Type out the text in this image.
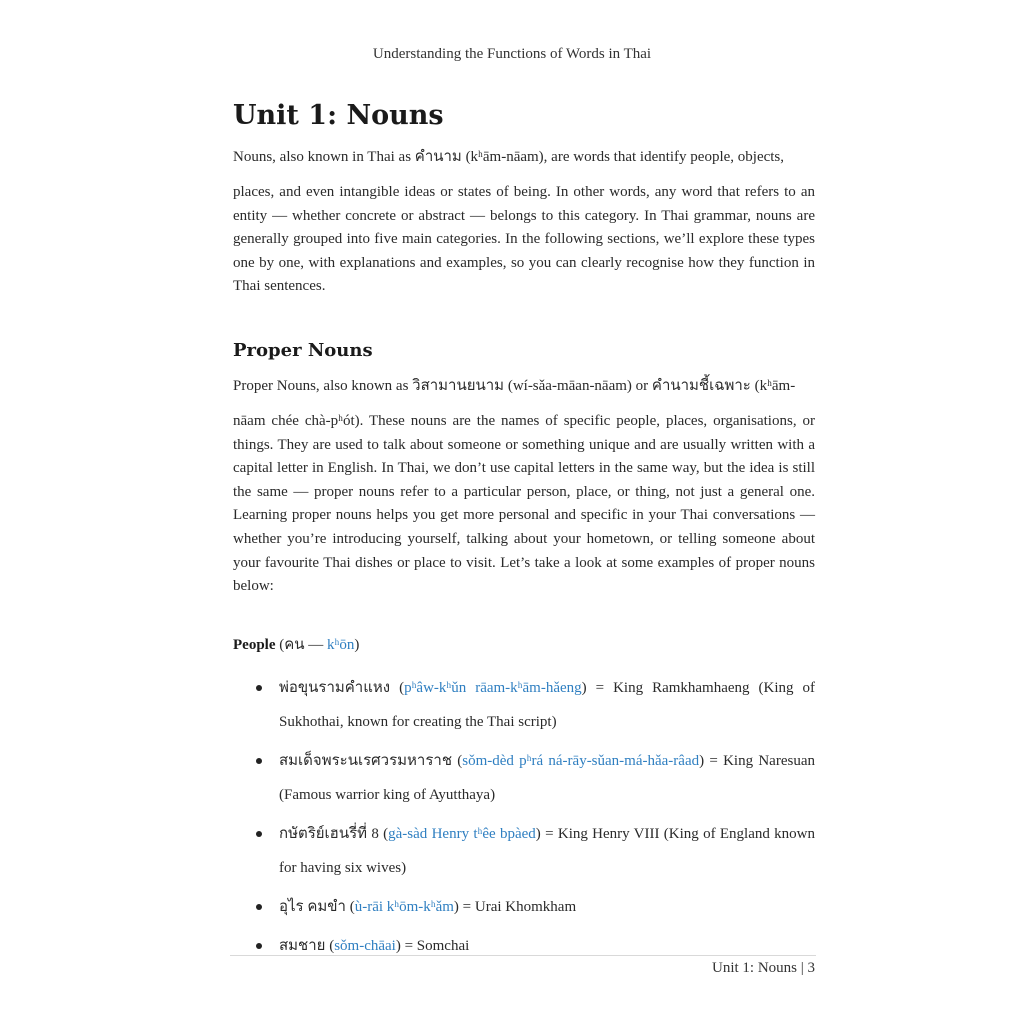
Understanding the Functions of Words in Thai
Unit 1: Nouns

Nouns, also known in Thai as คำนาม (kʰām-nāam), are words that identify people, objects,
places, and even intangible ideas or states of being. In other words, any word that refers to an entity — whether concrete or abstract — belongs to this category. In Thai grammar, nouns are generally grouped into five main categories. In the following sections, we’ll explore these types one by one, with explanations and examples, so you can clearly recognise how they function in Thai sentences.

Proper Nouns

Proper Nouns, also known as วิสามานยนาม (wí-sǎa-māan-nāam) or คำนามชี้เฉพาะ (kʰām-
nāam chée chà-pʰót). These nouns are the names of specific people, places, organisations, or things. They are used to talk about someone or something unique and are usually written with a capital letter in English. In Thai, we don’t use capital letters in the same way, but the idea is still the same — proper nouns refer to a particular person, place, or thing, not just a general one. Learning proper nouns helps you get more personal and specific in your Thai conversations — whether you’re introducing yourself, talking about your hometown, or telling someone about your favourite Thai dishes or place to visit. Let’s take a look at some examples of proper nouns below:

People (คน — kʰōn)
พ่อขุนรามคำแหง (pʰâw-kʰǔn rāam-kʰām-hǎeng) = King Ramkhamhaeng (King of Sukhothai, known for creating the Thai script)
สมเด็จพระนเรศวรมหาราช (sǒm-dèd pʰrá ná-rāy-sǔan-má-hǎa-râad) = King Naresuan (Famous warrior king of Ayutthaya)
กษัตริย์เฮนรี่ที่ 8 (gà-sàd Henry tʰêe bpàed) = King Henry VIII (King of England known for having six wives)
อุไร คมขำ (ù-rāi kʰōm-kʰǎm) = Urai Khomkham
สมชาย (sǒm-chāai) = Somchai
Unit 1: Nouns | 3
